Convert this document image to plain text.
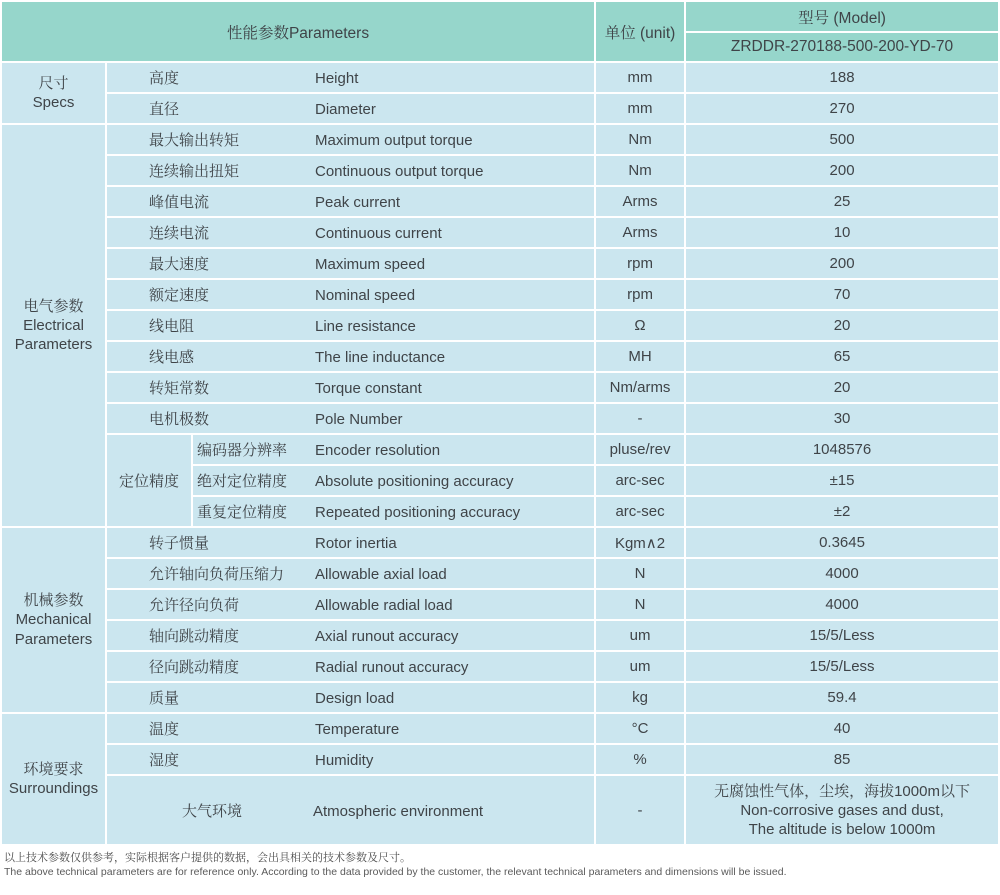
性能参数Parameters			单位 (unit)	型号 (Model)
				ZRDDR-270188-500-200-YD-70

尺寸
Specs	高度 Height		mm	188
	直径 Diameter		mm	270

电气参数
Electrical Parameters	最大输出转矩 Maximum output torque		Nm	500
	连续输出扭矩 Continuous output torque		Nm	200
	峰值电流 Peak current		Arms	25
	连续电流 Continuous current		Arms	10
	最大速度 Maximum speed		rpm	200
	额定速度 Nominal speed		rpm	70
	线电阻 Line resistance		Ω	20
	线电感 The line inductance		MH	65
	转矩常数 Torque constant		Nm/arms	20
	电机极数 Pole Number		-	30
	定位精度	编码器分辨率 Encoder resolution	pluse/rev	1048576
		绝对定位精度 Absolute positioning accuracy	arc-sec	±15
		重复定位精度 Repeated positioning accuracy	arc-sec	±2

机械参数
Mechanical Parameters	转子惯量 Rotor inertia		Kgm∧2	0.3645
	允许轴向负荷压缩力 Allowable axial load		N	4000
	允许径向负荷 Allowable radial load		N	4000
	轴向跳动精度 Axial runout accuracy		um	15/5/Less
	径向跳动精度 Radial runout accuracy		um	15/5/Less
	质量 Design load		kg	59.4

环境要求
Surroundings	温度 Temperature		°C	40
	湿度 Humidity		%	85
	大气环境 Atmospheric environment		-	无腐蚀性气体，尘埃，海拔1000m以下
Non-corrosive gases and dust,
The altitude is below 1000m
以上技术参数仅供参考，实际根据客户提供的数据，会出具相关的技术参数及尺寸。
The above technical parameters are for reference only. According to the data provided by the customer, the relevant technical parameters and dimensions will be issued.
